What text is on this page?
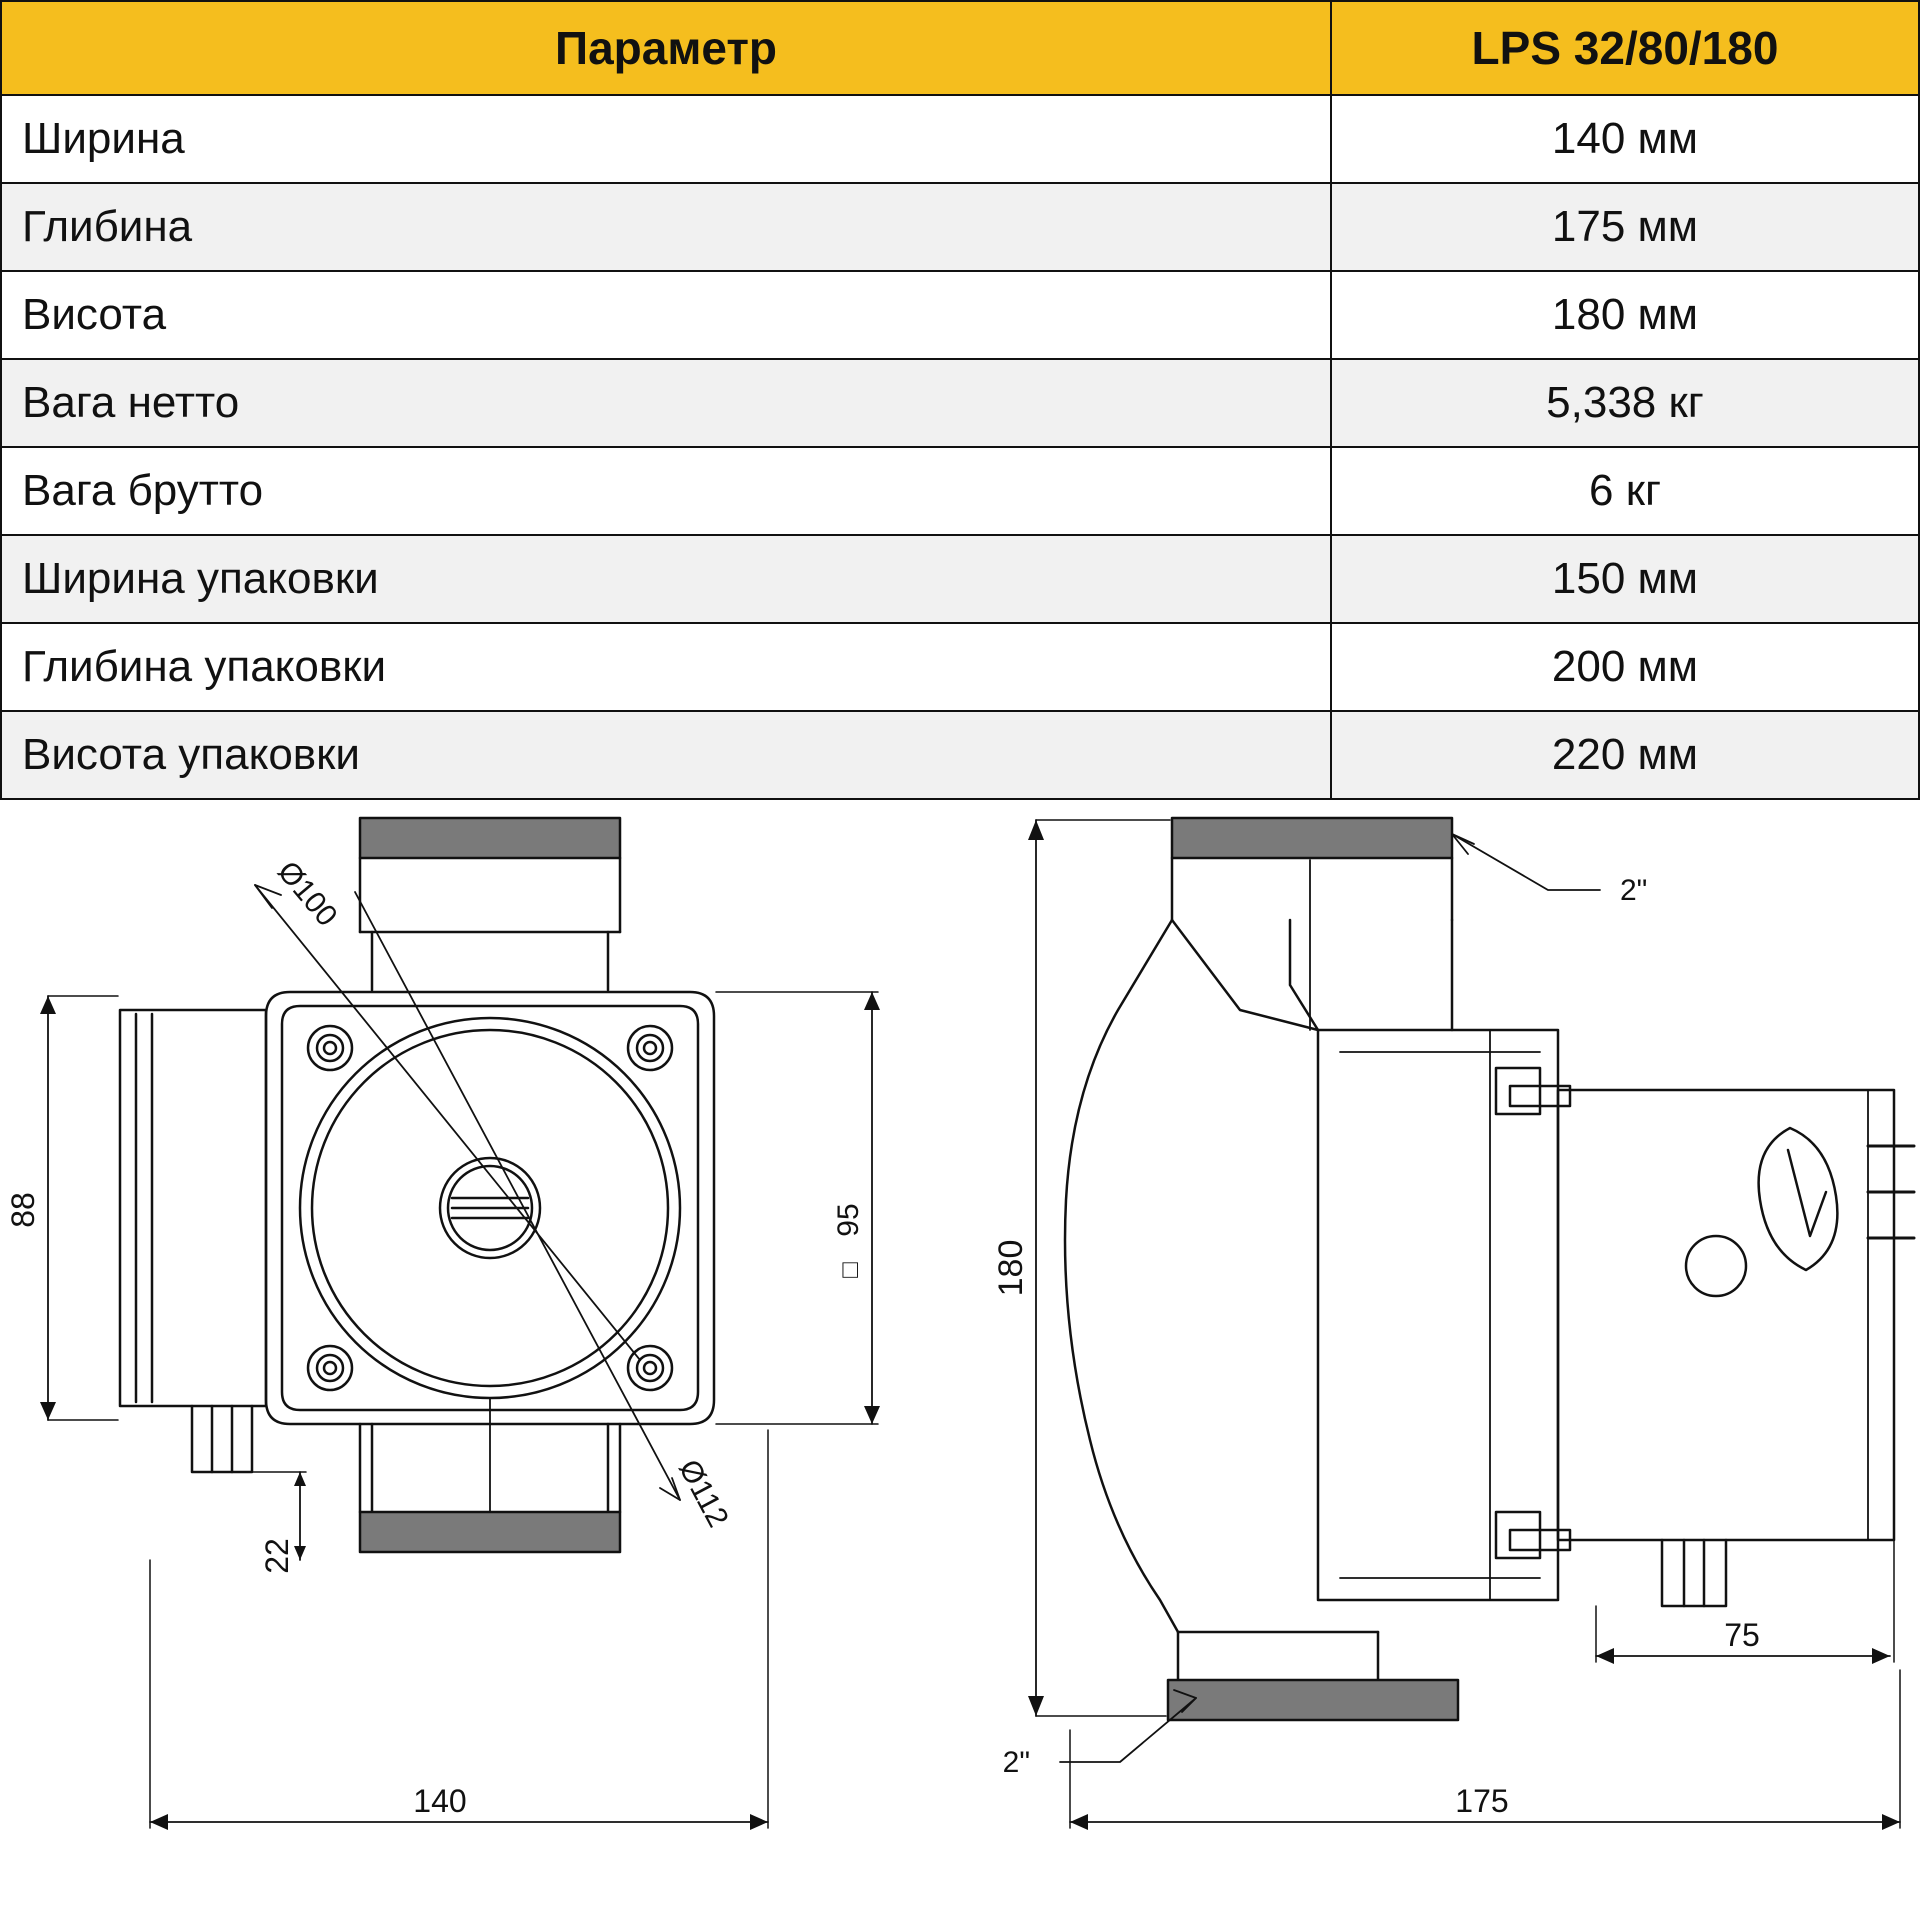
Параметр	LPS 32/80/180
Ширина	140 мм
Глибина	175 мм
Висота	180 мм
Вага нетто	5,338 кг
Вага брутто	6 кг
Ширина упаковки	150 мм
Глибина упаковки	200 мм
Висота упаковки	220 мм
Ø100
Ø112
95
□
88
22
140
2"
2"
180
75
175
